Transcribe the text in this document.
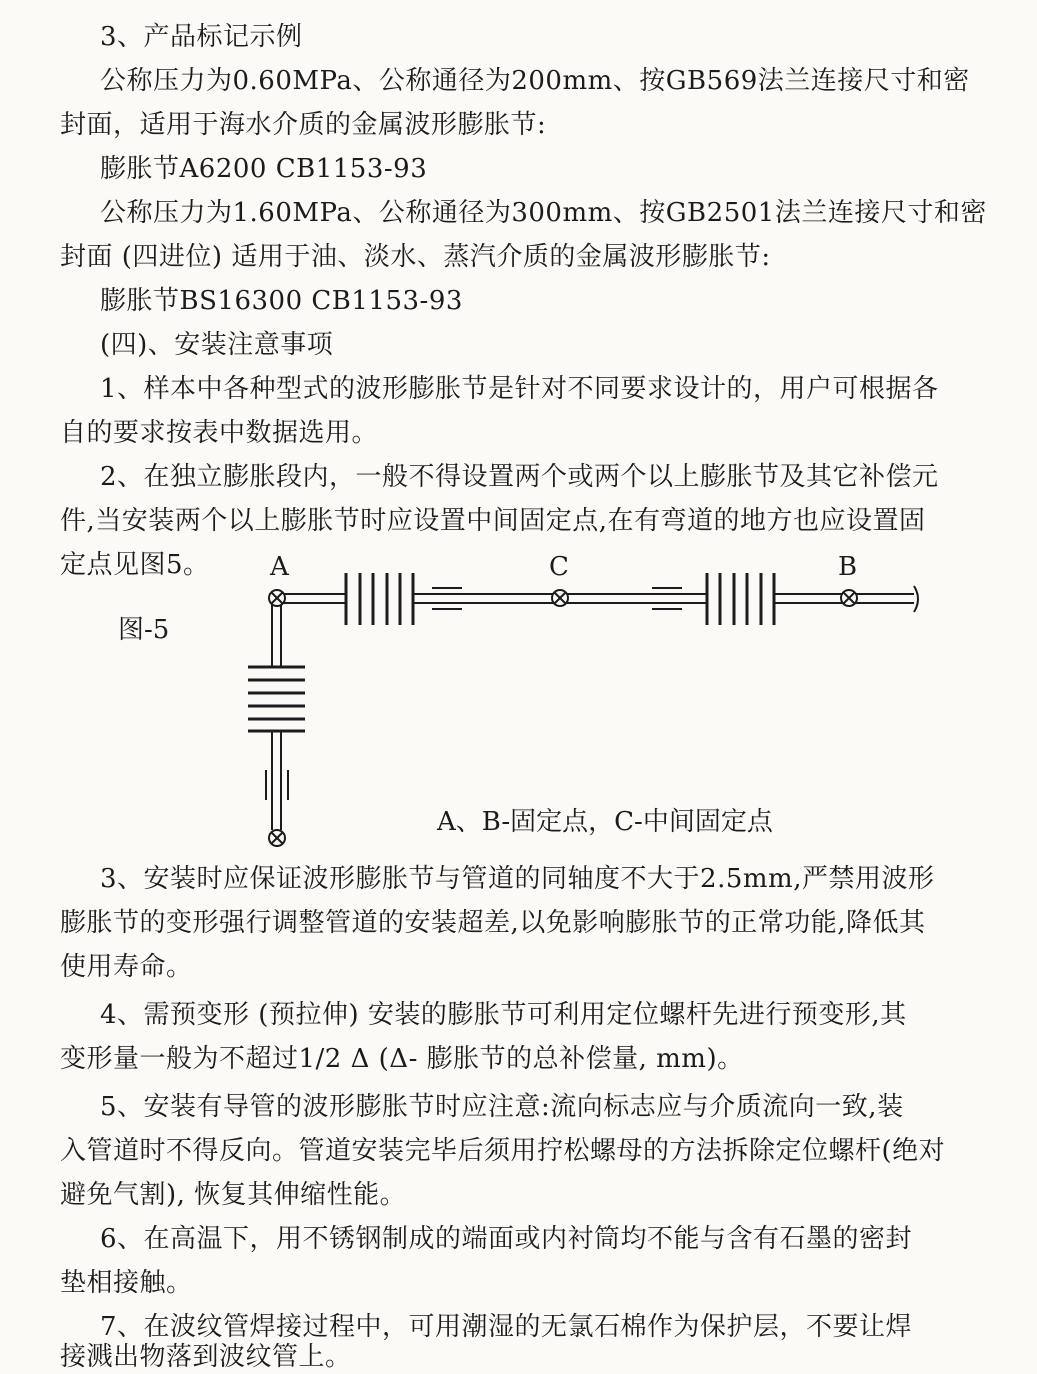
3、产品标记示例
公称压力为0.60MPa、公称通径为200mm、按GB569法兰连接尺寸和密
封面，适用于海水介质的金属波形膨胀节:
膨胀节A6200 CB1153-93
公称压力为1.60MPa、公称通径为300mm、按GB2501法兰连接尺寸和密
封面 (四进位) 适用于油、淡水、蒸汽介质的金属波形膨胀节:
膨胀节BS16300 CB1153-93
(四)、安装注意事项
1、样本中各种型式的波形膨胀节是针对不同要求设计的，用户可根据各
自的要求按表中数据选用。
2、在独立膨胀段内，一般不得设置两个或两个以上膨胀节及其它补偿元
件,当安装两个以上膨胀节时应设置中间固定点,在有弯道的地方也应设置固
定点见图5。
图-5
A	C	B
A、B-固定点，C-中间固定点
3、安装时应保证波形膨胀节与管道的同轴度不大于2.5mm,严禁用波形
膨胀节的变形强行调整管道的安装超差,以免影响膨胀节的正常功能,降低其
使用寿命。
4、需预变形 (预拉伸) 安装的膨胀节可利用定位螺杆先进行预变形,其
变形量一般为不超过1/2 Δ (Δ- 膨胀节的总补偿量, mm)。
5、安装有导管的波形膨胀节时应注意:流向标志应与介质流向一致,装
入管道时不得反向。管道安装完毕后须用拧松螺母的方法拆除定位螺杆(绝对
避免气割), 恢复其伸缩性能。
6、在高温下，用不锈钢制成的端面或内衬筒均不能与含有石墨的密封
垫相接触。
7、在波纹管焊接过程中，可用潮湿的无氯石棉作为保护层，不要让焊
接溅出物落到波纹管上。
